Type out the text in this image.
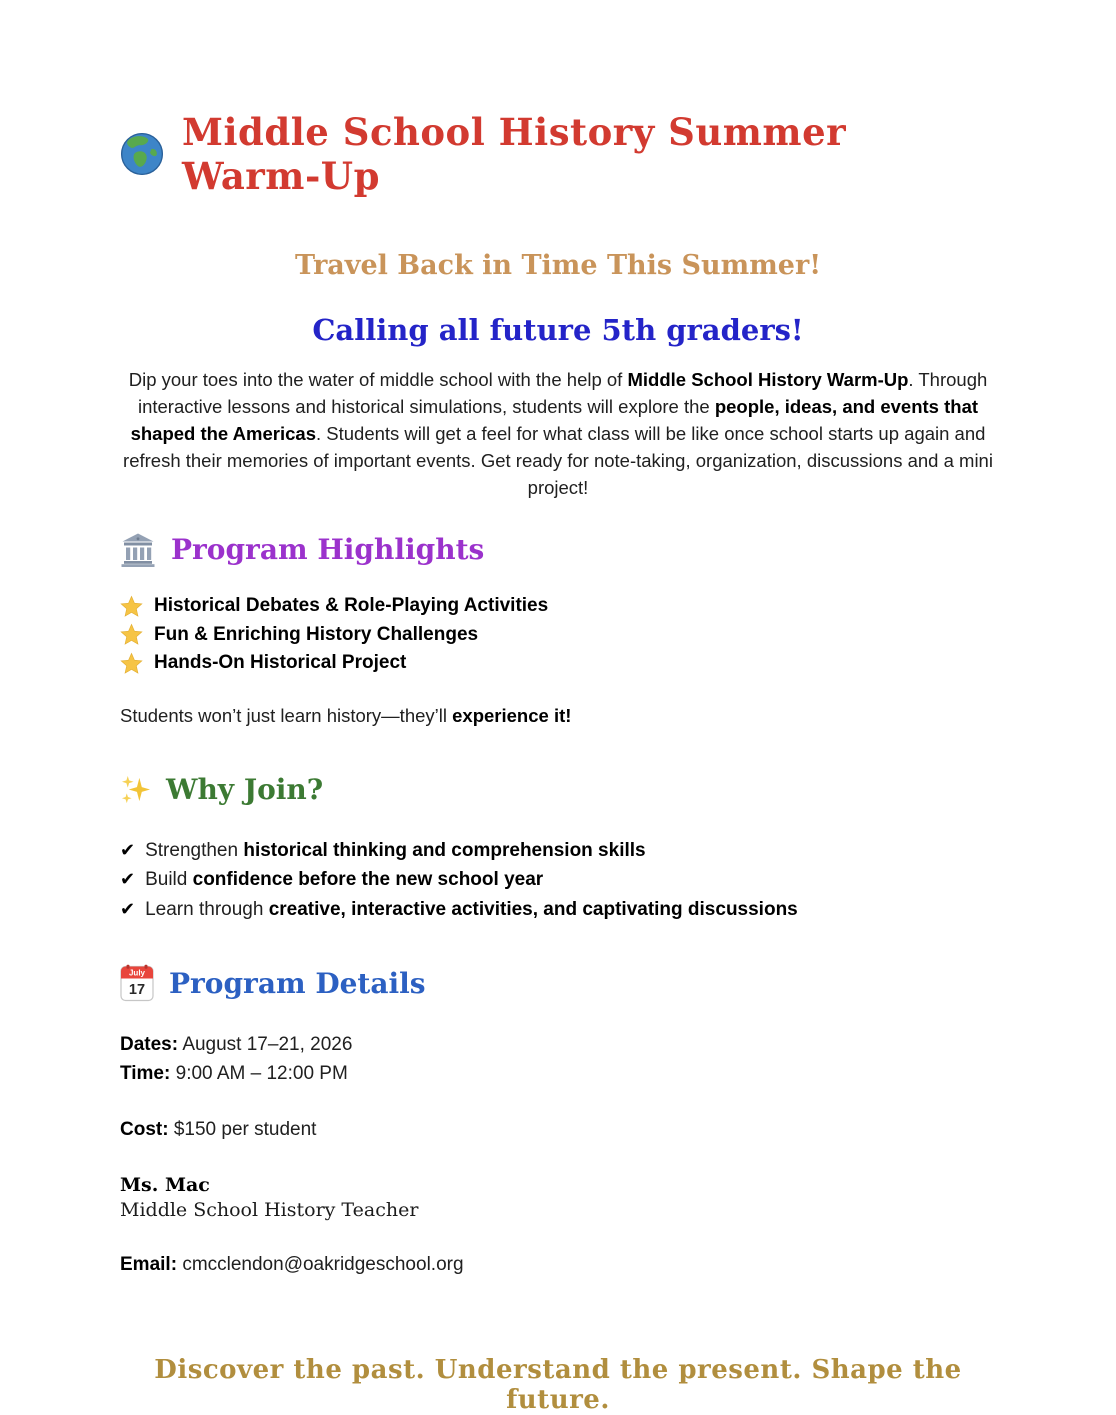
Middle School History Summer Warm-Up
Travel Back in Time This Summer!
Calling all future 5th graders!

Dip your toes into the water of middle school with the help of Middle School History Warm-Up. Through interactive lessons and historical simulations, students will explore the people, ideas, and events that shaped the Americas. Students will get a feel for what class will be like once school starts up again and refresh their memories of important events. Get ready for note-taking, organization, discussions and a mini project!

Program Highlights
Historical Debates & Role-Playing Activities
Fun & Enriching History Challenges
Hands-On Historical Project

Students won’t just learn history—they’ll experience it!

Why Join?
✔ Strengthen historical thinking and comprehension skills
✔ Build confidence before the new school year
✔ Learn through creative, interactive activities, and captivating discussions
July
17 Program Details

Dates: August 17–21, 2026

Time: 9:00 AM – 12:00 PM

Cost: $150 per student

Ms. Mac
Middle School History Teacher

Email: cmcclendon@oakridgeschool.org

Discover the past. Understand the present. Shape the future.
